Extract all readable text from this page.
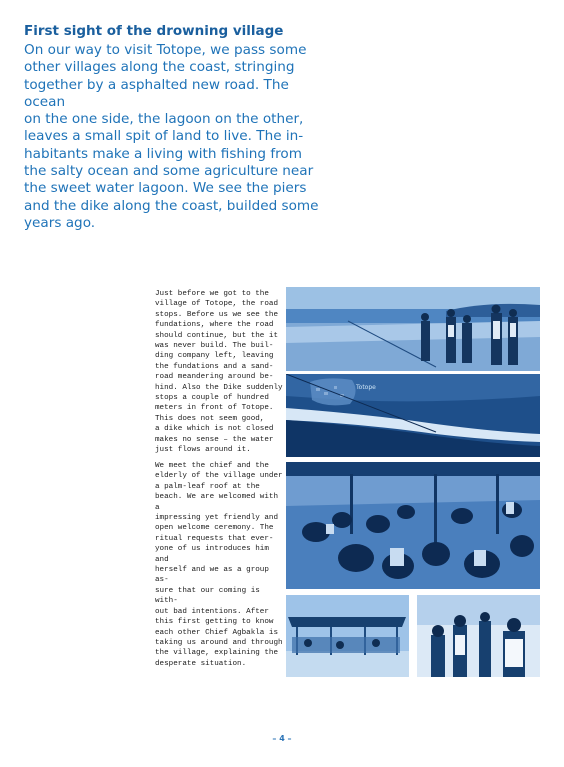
First sight of the drowning village

On our way to visit Totope, we pass some
other villages along the coast, stringing
together by a asphalted new road. The ocean
on the one side, the lagoon on the other,
leaves a small spit of land to live. The in-
habitants make a living with fishing from
the salty ocean and some agriculture near
the sweet water lagoon. We see the piers
and the dike along the coast, builded some
years ago.

Just before we got to the
village of Totope, the road
stops. Before us we see the
fundations, where the road
should continue, but the it
was never build. The buil-
ding company left, leaving
the fundations and a sand-
road meandering around be-
hind. Also the Dike suddenly
stops a couple of hundred
meters in front of Totope.
This does not seem good,
a dike which is not closed
makes no sense – the water
just flows around it.

We meet the chief and the
elderly of the village under
a palm-leaf roof at the
beach. We are welcomed with a
impressing yet friendly and
open welcome ceremony. The
ritual requests that ever-
yone of us introduces him and
herself and we as a group as-
sure that our coming is with-
out bad intentions. After
this first getting to know
each other Chief Agbakla is
taking us around and through
the village, explaining the
desperate situation.

Totope
– 4 –
